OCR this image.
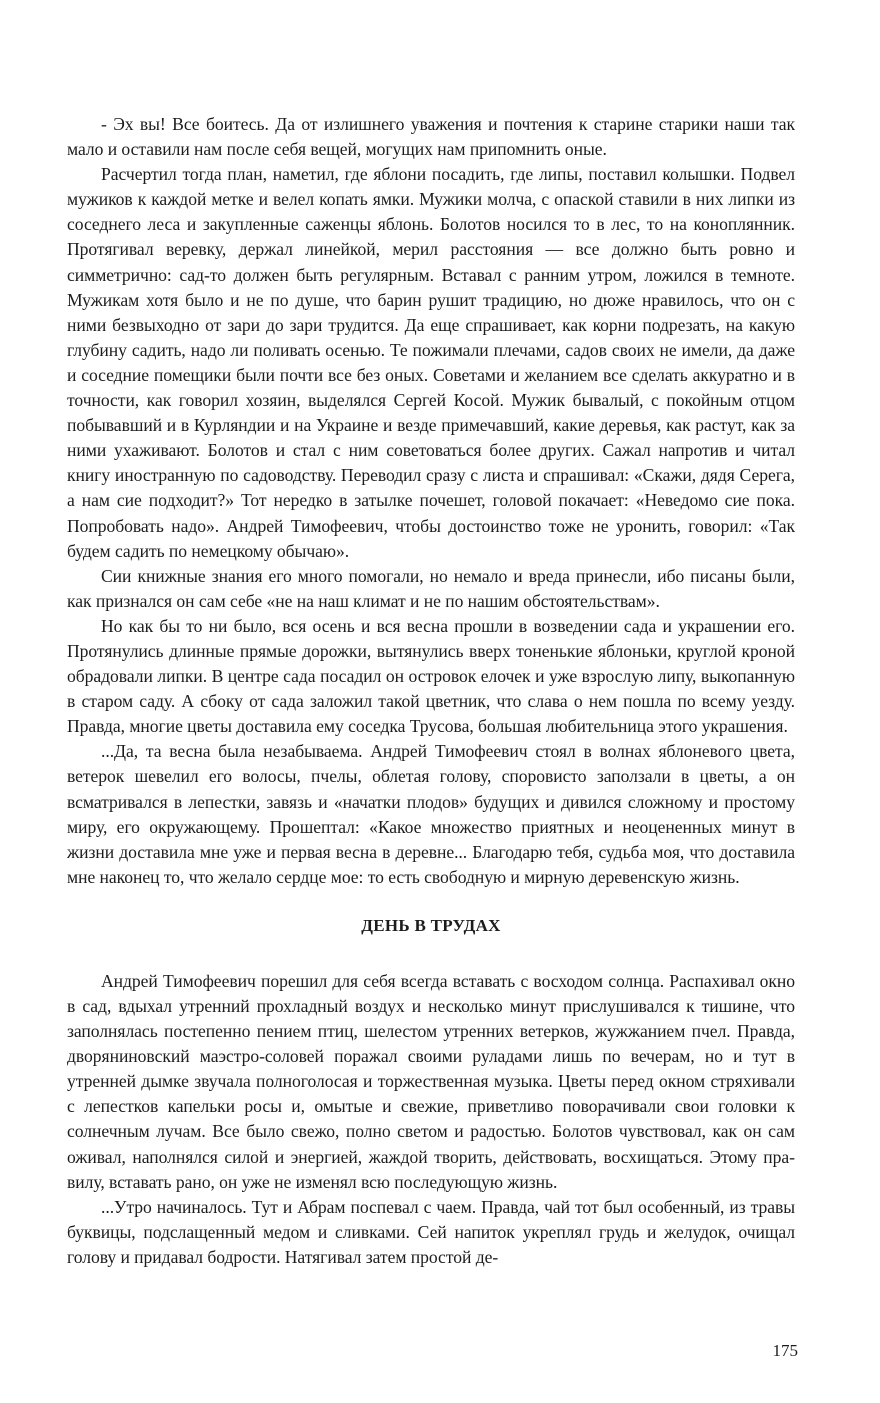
- Эх вы! Все боитесь. Да от излишнего уважения и почтения к старине старики наши так мало и оставили нам после себя вещей, могущих нам припомнить оные.

Расчертил тогда план, наметил, где яблони посадить, где липы, поставил колышки. Подвел мужиков к каждой метке и велел копать ямки. Мужики молча, с опаской ставили в них липки из соседнего леса и закупленные саженцы яблонь. Болотов носился то в лес, то на коноплянник. Протягивал веревку, держал линейкой, мерил расстояния — все должно быть ровно и симметрично: сад-то должен быть регулярным. Вставал с ранним утром, ложился в темноте. Мужикам хотя было и не по душе, что барин рушит традицию, но дюже нравилось, что он с ними безвыходно от зари до зари трудится. Да еще спрашивает, как корни подрезать, на какую глубину садить, надо ли поливать осенью. Те пожимали плечами, садов своих не имели, да даже и соседние помещики были почти все без оных. Советами и желанием все сделать аккуратно и в точности, как говорил хозяин, выделялся Сергей Косой. Мужик бывалый, с покойным отцом побывавший и в Курляндии и на Украине и везде примечавший, какие деревья, как растут, как за ними ухаживают. Болотов и стал с ним советоваться более других. Сажал напротив и читал книгу иностранную по садоводству. Переводил сразу с листа и спрашивал: «Скажи, дядя Серега, а нам сие подходит?» Тот нередко в затылке почешет, головой покачает: «Неведомо сие пока. Попробовать надо». Андрей Тимофеевич, чтобы достоинство тоже не уронить, говорил: «Так будем садить по немецкому обычаю».

Сии книжные знания его много помогали, но немало и вреда принесли, ибо писаны были, как признался он сам себе «не на наш климат и не по нашим обстоятельствам».

Но как бы то ни было, вся осень и вся весна прошли в возведении сада и украшении его. Протянулись длинные прямые дорожки, вытянулись вверх тоненькие яблоньки, круглой кроной обрадовали липки. В центре сада посадил он островок елочек и уже взрослую липу, выкопанную в старом саду. А сбоку от сада заложил такой цветник, что слава о нем пошла по всему уезду. Правда, многие цветы доставила ему соседка Трусова, большая любительница этого украшения.

...Да, та весна была незабываема. Андрей Тимофеевич стоял в волнах яблоневого цвета, ветерок шевелил его волосы, пчелы, облетая голову, споровисто заползали в цветы, а он всматривался в лепестки, завязь и «начатки плодов» будущих и дивился сложному и простому миру, его окружающему. Прошептал: «Какое множество приятных и неоцененных минут в жизни доставила мне уже и первая весна в деревне... Благодарю тебя, судьба моя, что доставила мне наконец то, что желало сердце мое: то есть свободную и мирную деревенскую жизнь.

ДЕНЬ В ТРУДАХ

Андрей Тимофеевич порешил для себя всегда вставать с восходом солнца. Распахивал окно в сад, вдыхал утренний прохладный воздух и несколько минут прислушивался к тишине, что заполнялась постепенно пением птиц, шелестом утренних ветерков, жужжанием пчел. Правда, дворяниновский маэстро-соловей поражал своими руладами лишь по вечерам, но и тут в утренней дымке звучала полноголосая и торжественная музыка. Цветы перед окном стряхивали с лепестков капельки росы и, омытые и свежие, приветливо поворачивали свои головки к солнечным лучам. Все было свежо, полно светом и радостью. Болотов чувствовал, как он сам оживал, наполнялся силой и энергией, жаждой творить, действовать, восхищаться. Этому правилу, вставать рано, он уже не изменял всю последующую жизнь.

...Утро начиналось. Тут и Абрам поспевал с чаем. Правда, чай тот был особенный, из травы буквицы, подслащенный медом и сливками. Сей напиток укреплял грудь и желудок, очищал голову и придавал бодрости. Натягивал затем простой де-

175
